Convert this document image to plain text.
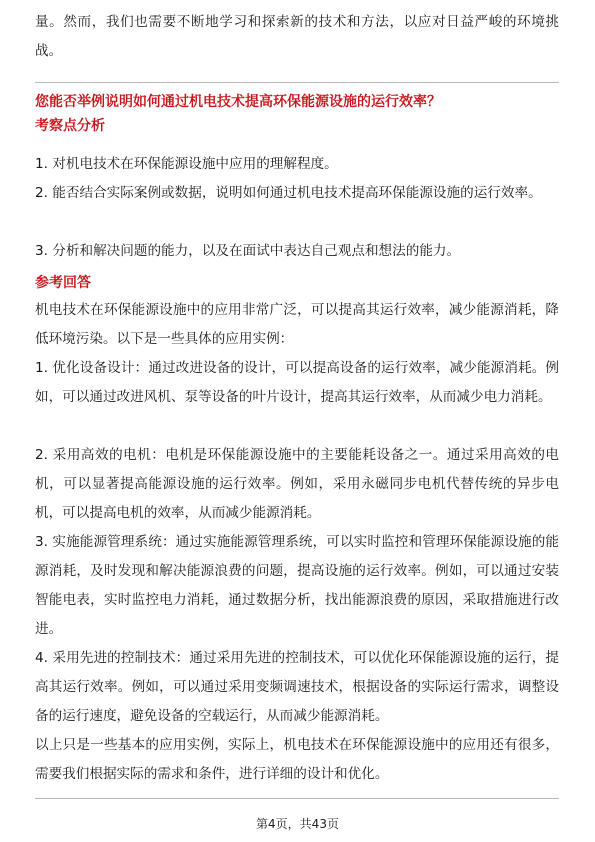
量。然而，我们也需要不断地学习和探索新的技术和方法，以应对日益严峻的环境挑战。

您能否举例说明如何通过机电技术提高环保能源设施的运行效率？

考察点分析

1. 对机电技术在环保能源设施中应用的理解程度。

2. 能否结合实际案例或数据，说明如何通过机电技术提高环保能源设施的运行效率。

3. 分析和解决问题的能力，以及在面试中表达自己观点和想法的能力。

参考回答

机电技术在环保能源设施中的应用非常广泛，可以提高其运行效率，减少能源消耗，降低环境污染。以下是一些具体的应用实例：

1. 优化设备设计：通过改进设备的设计，可以提高设备的运行效率，减少能源消耗。例如，可以通过改进风机、泵等设备的叶片设计，提高其运行效率，从而减少电力消耗。

2. 采用高效的电机：电机是环保能源设施中的主要能耗设备之一。通过采用高效的电机，可以显著提高能源设施的运行效率。例如，采用永磁同步电机代替传统的异步电机，可以提高电机的效率，从而减少能源消耗。

3. 实施能源管理系统：通过实施能源管理系统，可以实时监控和管理环保能源设施的能源消耗，及时发现和解决能源浪费的问题，提高设施的运行效率。例如，可以通过安装智能电表，实时监控电力消耗，通过数据分析，找出能源浪费的原因，采取措施进行改进。

4. 采用先进的控制技术：通过采用先进的控制技术，可以优化环保能源设施的运行，提高其运行效率。例如，可以通过采用变频调速技术，根据设备的实际运行需求，调整设备的运行速度，避免设备的空载运行，从而减少能源消耗。

以上只是一些基本的应用实例，实际上，机电技术在环保能源设施中的应用还有很多，需要我们根据实际的需求和条件，进行详细的设计和优化。

第4页，共43页
